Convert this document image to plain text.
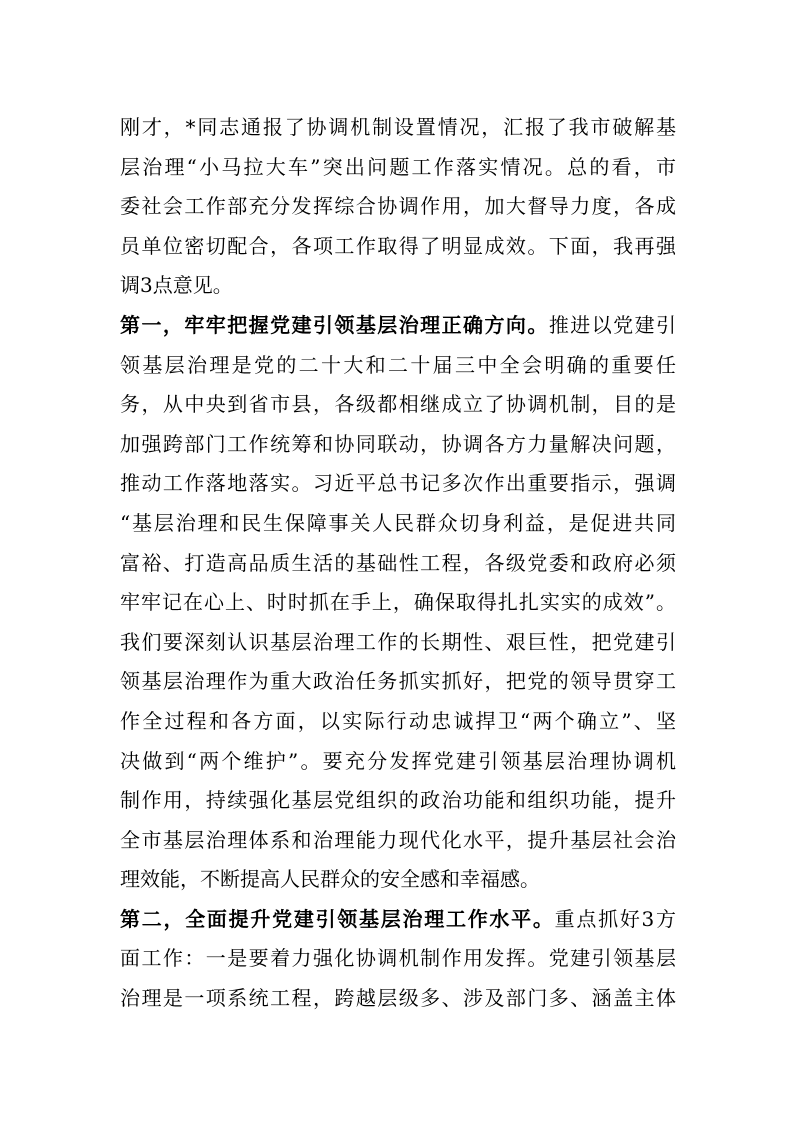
刚才，*同志通报了协调机制设置情况，汇报了我市破解基
层治理“小马拉大车”突出问题工作落实情况。总的看，市
委社会工作部充分发挥综合协调作用，加大督导力度，各成
员单位密切配合，各项工作取得了明显成效。下面，我再强
调3点意见。
第一，牢牢把握党建引领基层治理正确方向。推进以党建引
领基层治理是党的二十大和二十届三中全会明确的重要任
务，从中央到省市县，各级都相继成立了协调机制，目的是
加强跨部门工作统筹和协同联动，协调各方力量解决问题，
推动工作落地落实。习近平总书记多次作出重要指示，强调
“基层治理和民生保障事关人民群众切身利益，是促进共同
富裕、打造高品质生活的基础性工程，各级党委和政府必须
牢牢记在心上、时时抓在手上，确保取得扎扎实实的成效”。
我们要深刻认识基层治理工作的长期性、艰巨性，把党建引
领基层治理作为重大政治任务抓实抓好，把党的领导贯穿工
作全过程和各方面，以实际行动忠诚捍卫“两个确立”、坚
决做到“两个维护”。要充分发挥党建引领基层治理协调机
制作用，持续强化基层党组织的政治功能和组织功能，提升
全市基层治理体系和治理能力现代化水平，提升基层社会治
理效能，不断提高人民群众的安全感和幸福感。
第二，全面提升党建引领基层治理工作水平。重点抓好3方
面工作：一是要着力强化协调机制作用发挥。党建引领基层
治理是一项系统工程，跨越层级多、涉及部门多、涵盖主体
